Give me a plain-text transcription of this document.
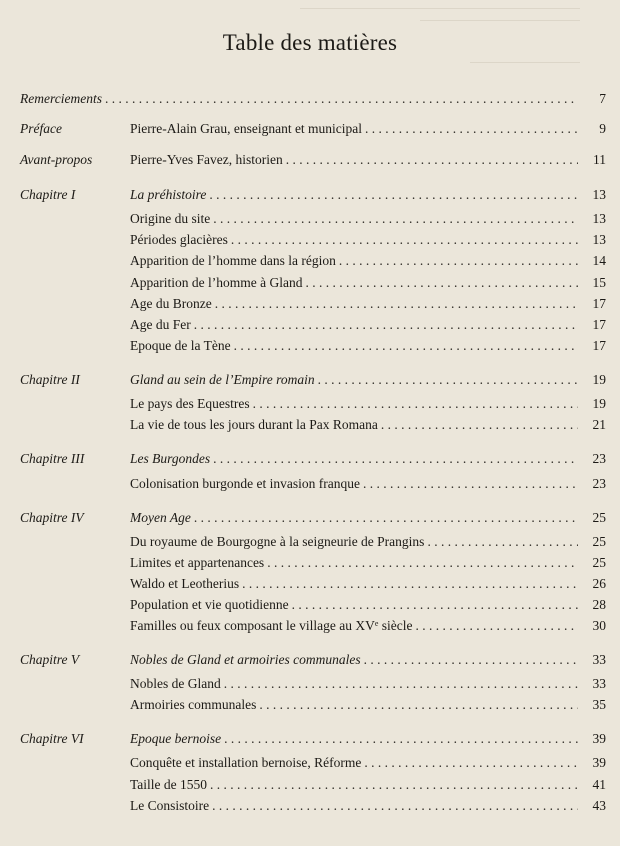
Table des matières
Remerciements . . .	7
Préface	Pierre-Alain Grau, enseignant et municipal . . .	9
Avant-propos	Pierre-Yves Favez, historien . . .	11
Chapitre I	La préhistoire . . .	13
Origine du site . . .	13
Périodes glacières . . .	13
Apparition de l’homme dans la région . . .	14
Apparition de l’homme à Gland . . .	15
Age du Bronze . . .	17
Age du Fer . . .	17
Epoque de la Tène . . .	17
Chapitre II	Gland au sein de l’Empire romain . . .	19
Le pays des Equestres . . .	19
La vie de tous les jours durant la Pax Romana . . .	21
Chapitre III	Les Burgondes . . .	23
Colonisation burgonde et invasion franque . . .	23
Chapitre IV	Moyen Age . . .	25
Du royaume de Bourgogne à la seigneurie de Prangins . . .	25
Limites et appartenances . . .	25
Waldo et Leotherius . . .	26
Population et vie quotidienne . . .	28
Familles ou feux composant le village au XVe siècle . . .	30
Chapitre V	Nobles de Gland et armoiries communales . . .	33
Nobles de Gland . . .	33
Armoiries communales . . .	35
Chapitre VI	Epoque bernoise . . .	39
Conquête et installation bernoise, Réforme . . .	39
Taille de 1550 . . .	41
Le Consistoire . . .	43
